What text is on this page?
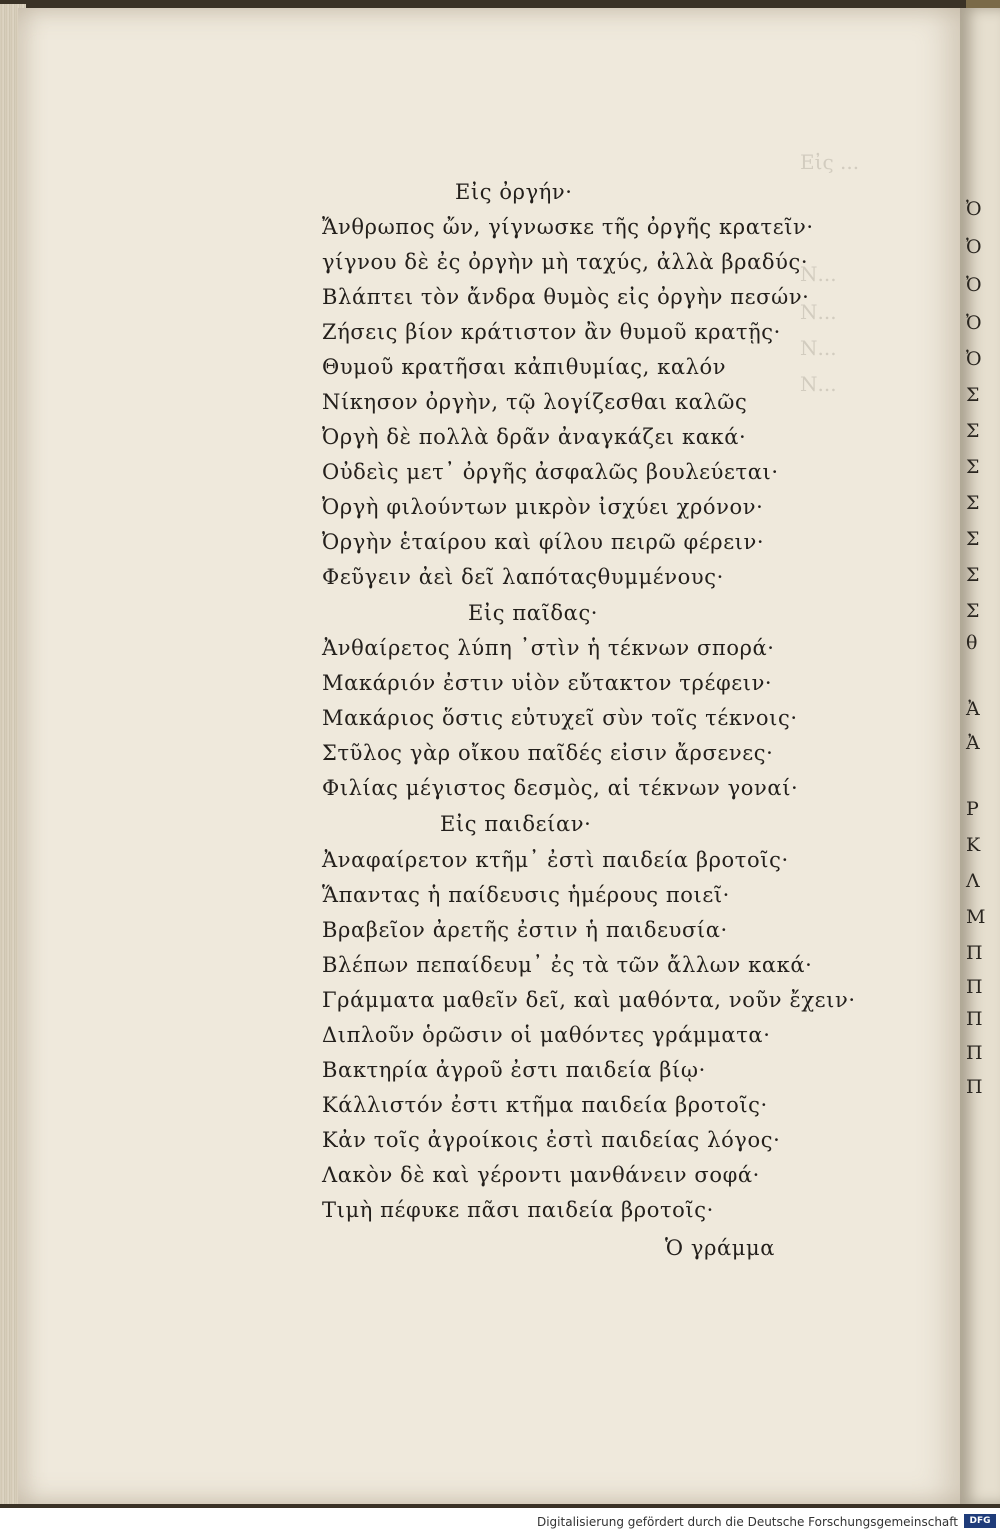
Ὀ
Ὀ
Ὀ
Ὀ
Ὀ
Σ
Σ
Σ
Σ
Σ
Σ
Σ
θ
Ἀ
Ἀ
Ρ
Κ
Λ
Μ
Π
Π
Π
Π
Π
Εἰς ...
Ν...
Ν...
Ν...
Ν...
Εἰς ὀργήν·
Ἄνθρωπος ὤν, γίγνωσκε τῆς ὀργῆς κρατεῖν·
γίγνου δὲ ἐς ὀργὴν μὴ ταχύς, ἀλλὰ βραδύς·
Βλάπτει τὸν ἄνδρα θυμὸς εἰς ὀργὴν πεσών·
Ζήσεις βίον κράτιστον ἂν θυμοῦ κρατῇς·
Θυμοῦ κρατῆσαι κἀπιθυμίας, καλόν
Νίκησον ὀργὴν, τῷ λογίζεσθαι καλῶς
Ὀργὴ δὲ πολλὰ δρᾶν ἀναγκάζει κακά·
Οὐδεὶς μετ᾽ ὀργῆς ἀσφαλῶς βουλεύεται·
Ὀργὴ φιλούντων μικρὸν ἰσχύει χρόνον·
Ὀργὴν ἑταίρου καὶ φίλου πειρῶ φέρειν·
Φεῦγειν ἀεὶ δεῖ λαπόταςθυμμένους·
Εἰς παῖδας·
Ἀνθαίρετος λύπη ᾽στὶν ἡ τέκνων σπορά·
Μακάριόν ἐστιν υἱὸν εὔτακτον τρέφειν·
Μακάριος ὅστις εὐτυχεῖ σὺν τοῖς τέκνοις·
Στῦλος γὰρ οἴκου παῖδές εἰσιν ἄρσενες·
Φιλίας μέγιστος δεσμὸς, αἱ τέκνων γοναί·
Εἰς παιδείαν·
Ἀναφαίρετον κτῆμ᾽ ἐστὶ παιδεία βροτοῖς·
Ἅπαντας ἡ παίδευσις ἡμέρους ποιεῖ·
Βραβεῖον ἀρετῆς ἐστιν ἡ παιδευσία·
Βλέπων πεπαίδευμ᾽ ἐς τὰ τῶν ἄλλων κακά·
Γράμματα μαθεῖν δεῖ, καὶ μαθόντα, νοῦν ἔχειν·
Διπλοῦν ὁρῶσιν οἱ μαθόντες γράμματα·
Βακτηρία ἀγροῦ ἐστι παιδεία βίῳ·
Κάλλιστόν ἐστι κτῆμα παιδεία βροτοῖς·
Κἀν τοῖς ἀγροίκοις ἐστὶ παιδείας λόγος·
Λακὸν δὲ καὶ γέροντι μανθάνειν σοφά·
Τιμὴ πέφυκε πᾶσι παιδεία βροτοῖς·
Ὁ γράμμα
Digitalisierung gefördert durch die Deutsche Forschungsgemeinschaft	DFG
